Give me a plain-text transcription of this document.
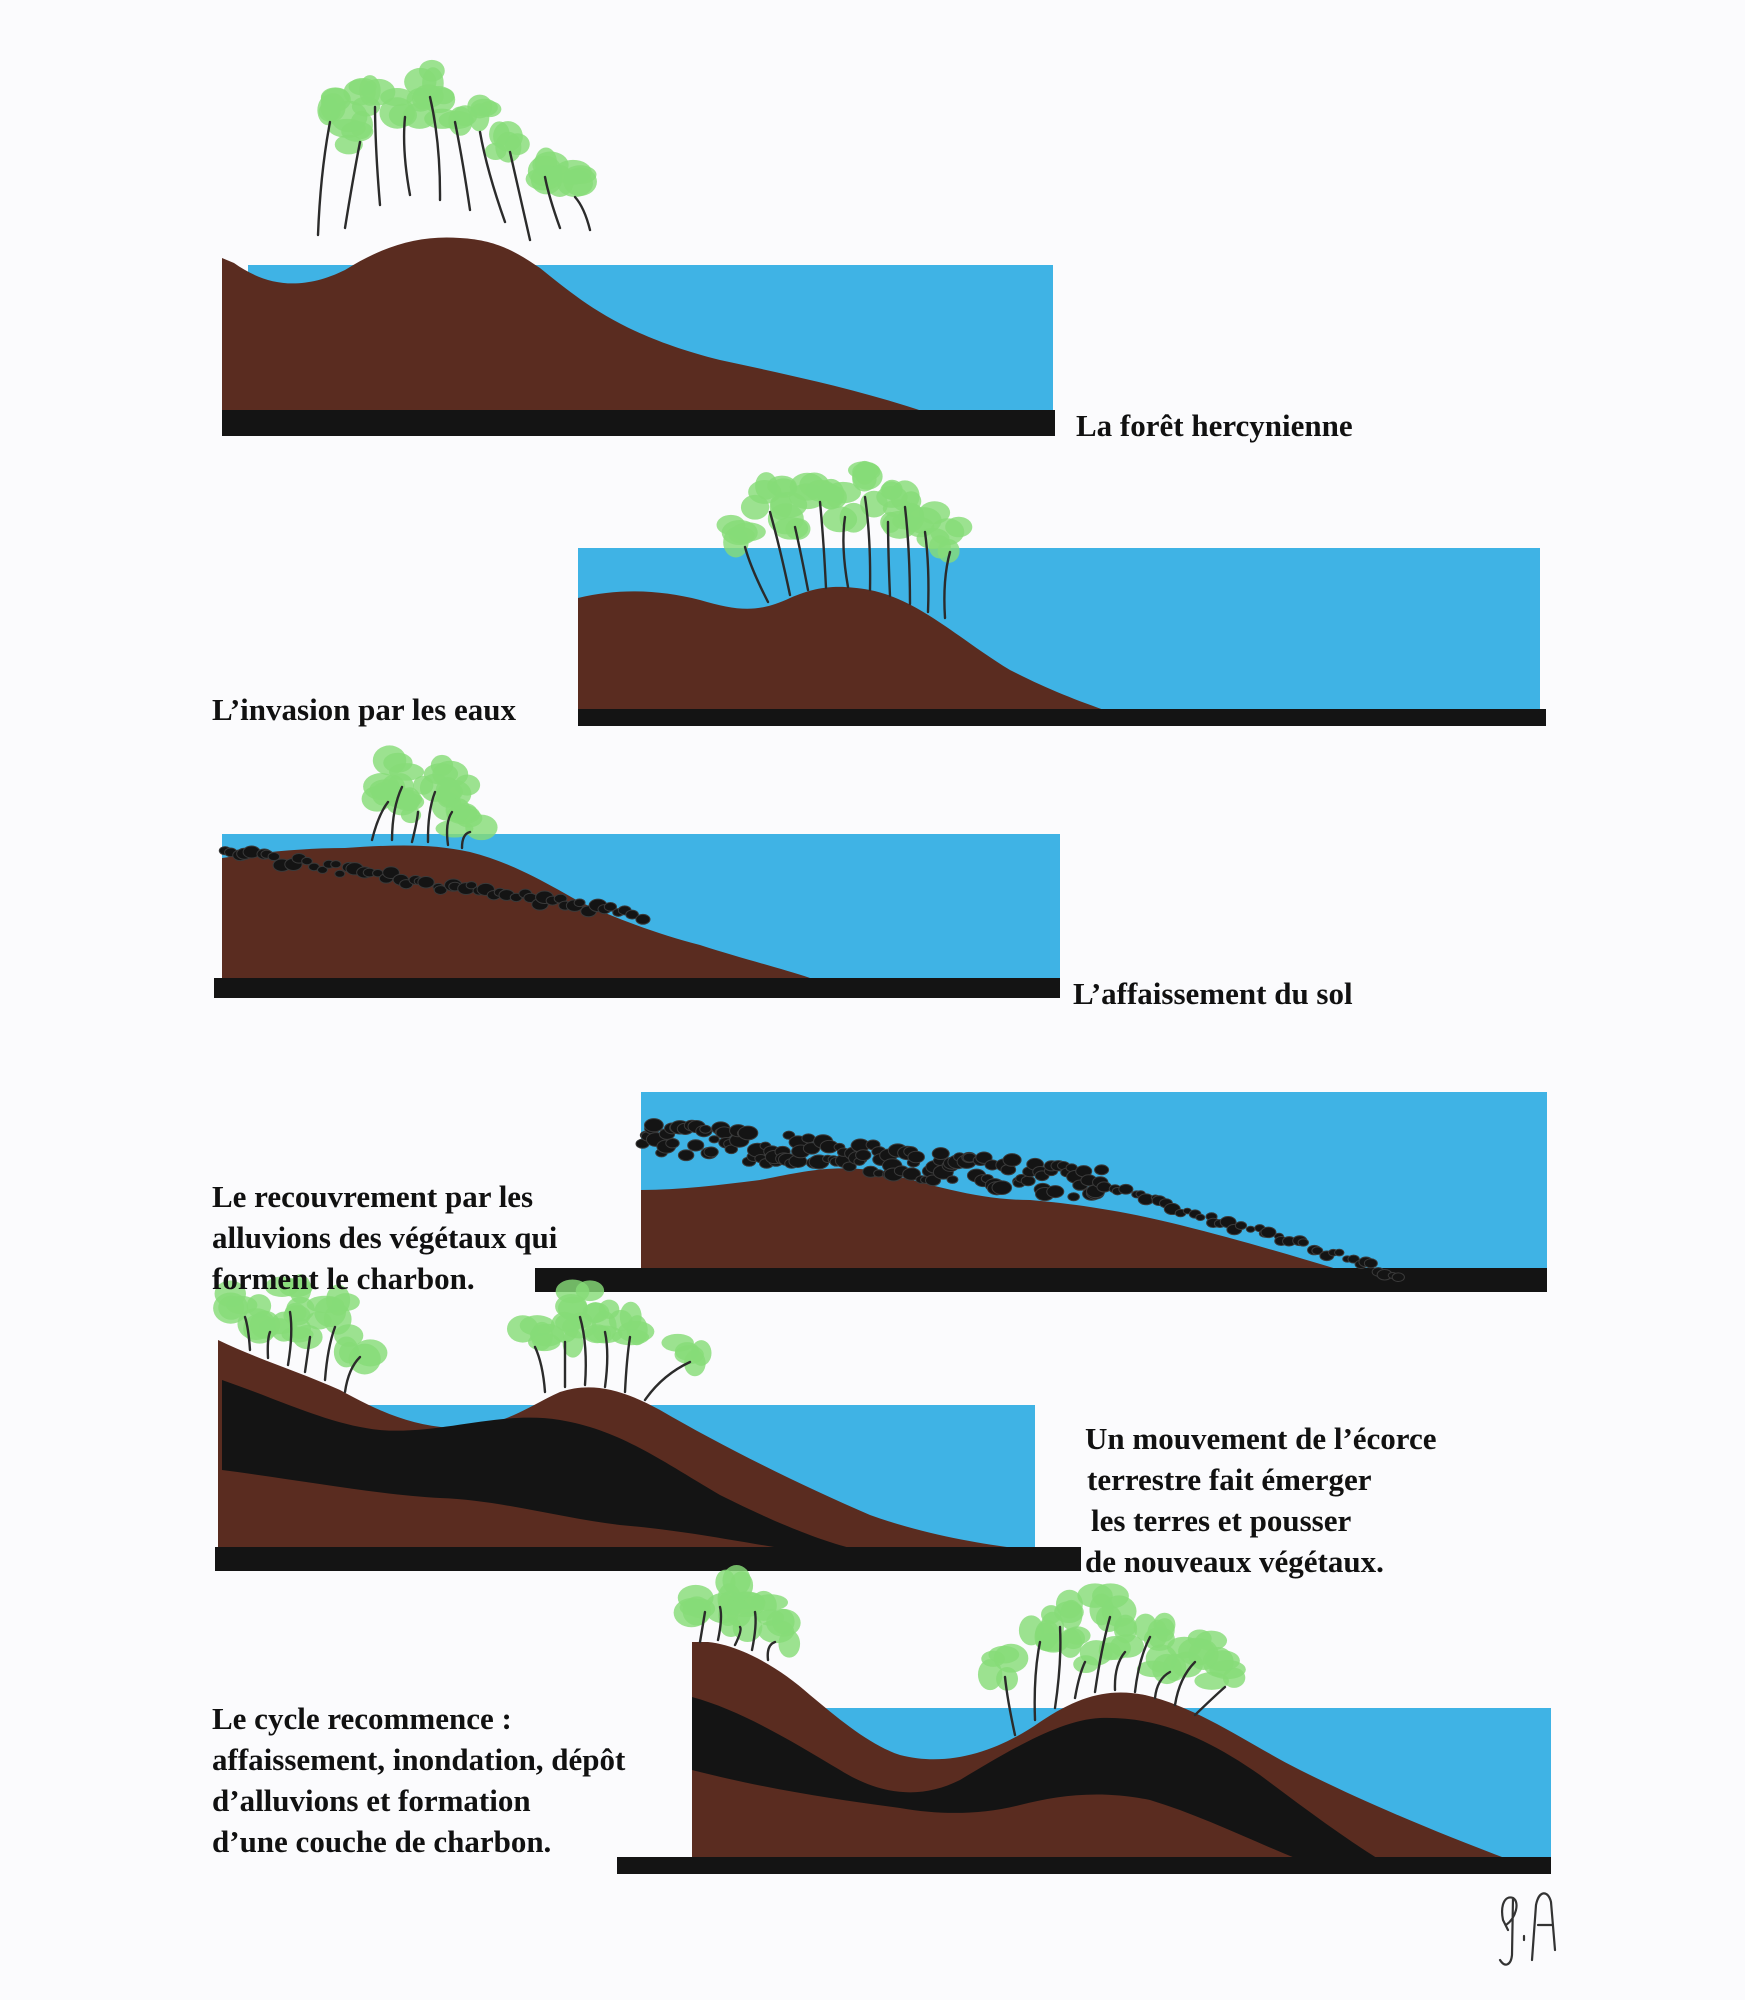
La forêt hercynienne
L’invasion par les eaux
L’affaissement du sol
Le recouvrement par les
alluvions des végétaux qui
forment le charbon.
Un mouvement de l’écorce
terrestre fait émerger
les terres et pousser
de nouveaux végétaux.
Le cycle recommence :
affaissement, inondation, dépôt
d’alluvions et formation
d’une couche de charbon.
